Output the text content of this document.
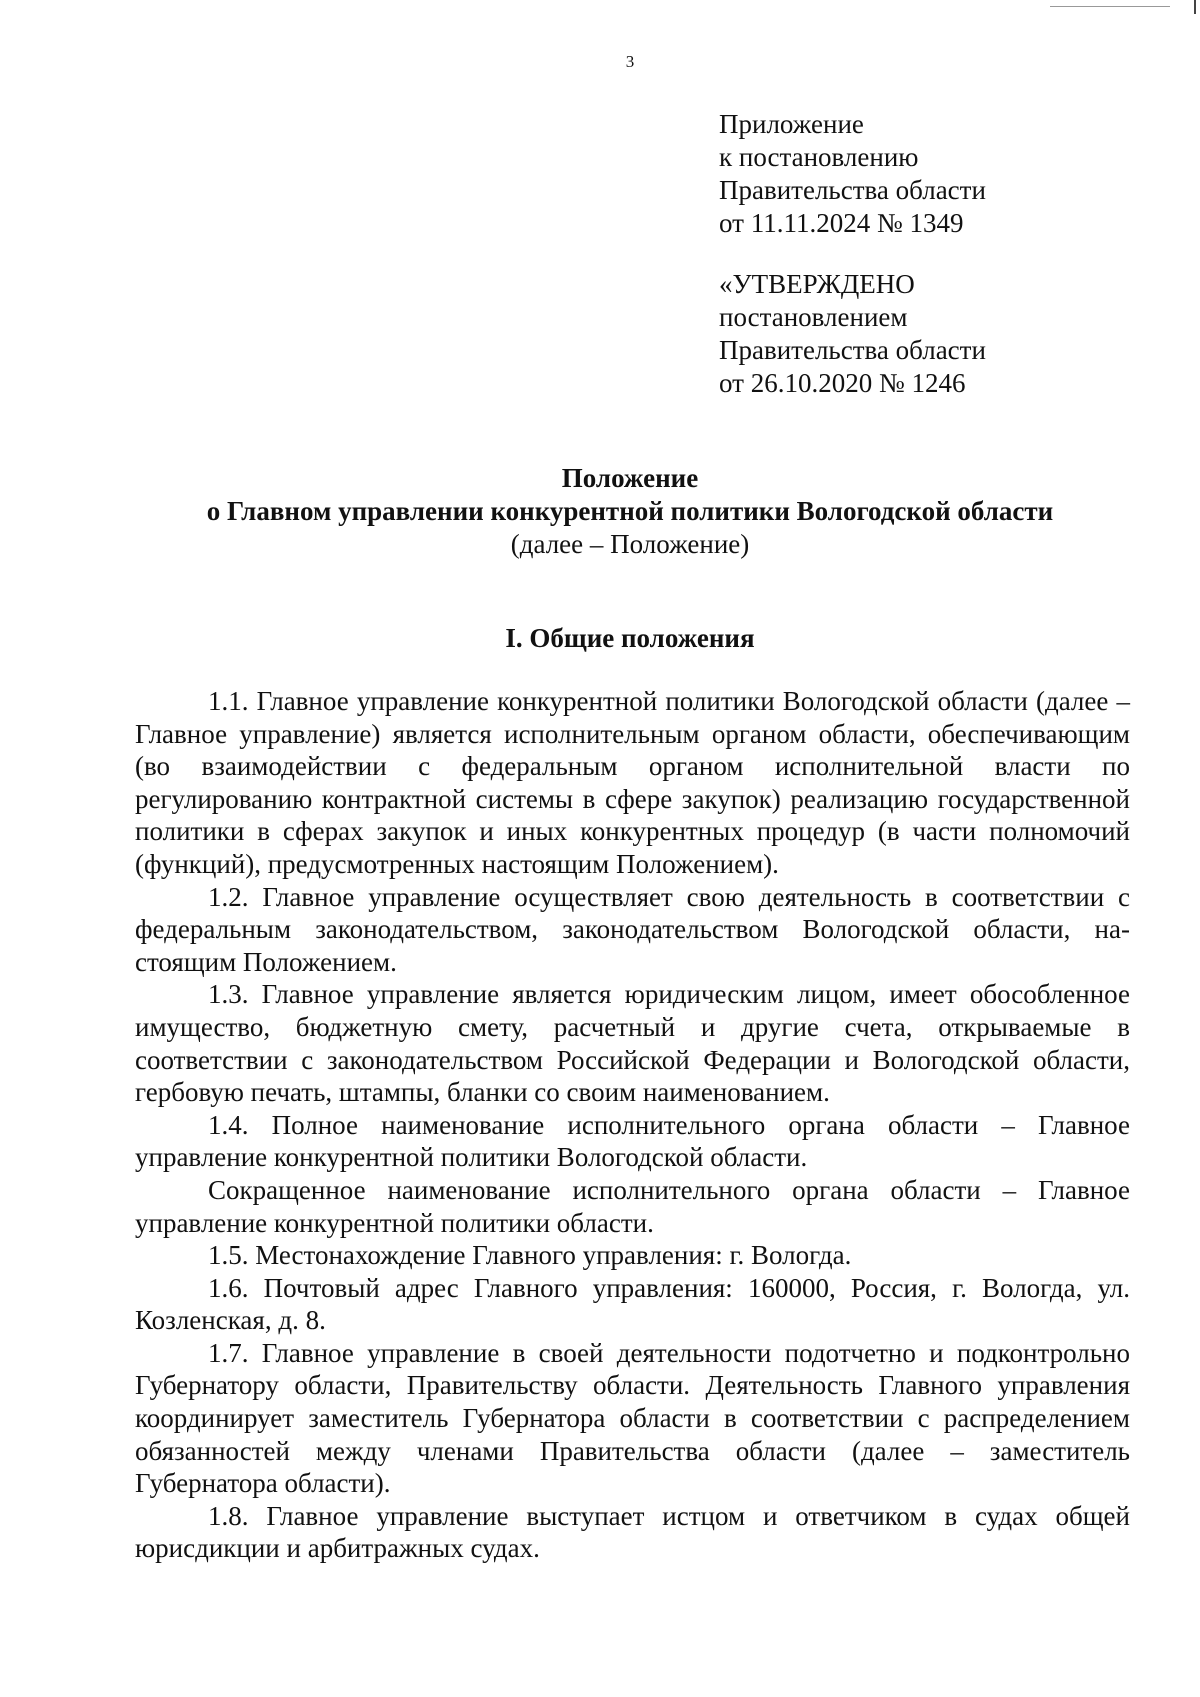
3
Приложение
к постановлению
Правительства области
от 11.11.2024 № 1349
«УТВЕРЖДЕНО
постановлением
Правительства области
от 26.10.2020 № 1246
Положение
о Главном управлении конкурентной политики Вологодской области
(далее – Положение)
I. Общие положения

1.1. Главное управление конкурентной политики Вологодской области (далее – Главное управление) является исполнительным органом области, обеспечивающим (во взаимодействии с федеральным органом исполнительной власти по регулированию контрактной системы в сфере закупок) реализацию государственной политики в сферах закупок и иных конкурентных процедур (в части полномочий (функций), предусмотренных настоящим Положением).

1.2. Главное управление осуществляет свою деятельность в соответствии с федеральным законодательством, законодательством Вологодской области, настоящим Положением.

1.3. Главное управление является юридическим лицом, имеет обособленное имущество, бюджетную смету, расчетный и другие счета, открываемые в соответствии с законодательством Российской Федерации и Вологодской области, гербовую печать, штампы, бланки со своим наименованием.

1.4. Полное наименование исполнительного органа области – Главное управление конкурентной политики Вологодской области.

Сокращенное наименование исполнительного органа области – Главное управление конкурентной политики области.

1.5. Местонахождение Главного управления: г. Вологда.

1.6. Почтовый адрес Главного управления: 160000, Россия, г. Вологда, ул. Козленская, д. 8.

1.7. Главное управление в своей деятельности подотчетно и подконтрольно Губернатору области, Правительству области. Деятельность Главного управления координирует заместитель Губернатора области в соответствии с распределением обязанностей между членами Правительства области (далее – заместитель Губернатора области).

1.8. Главное управление выступает истцом и ответчиком в судах общей юрисдикции и арбитражных судах.
